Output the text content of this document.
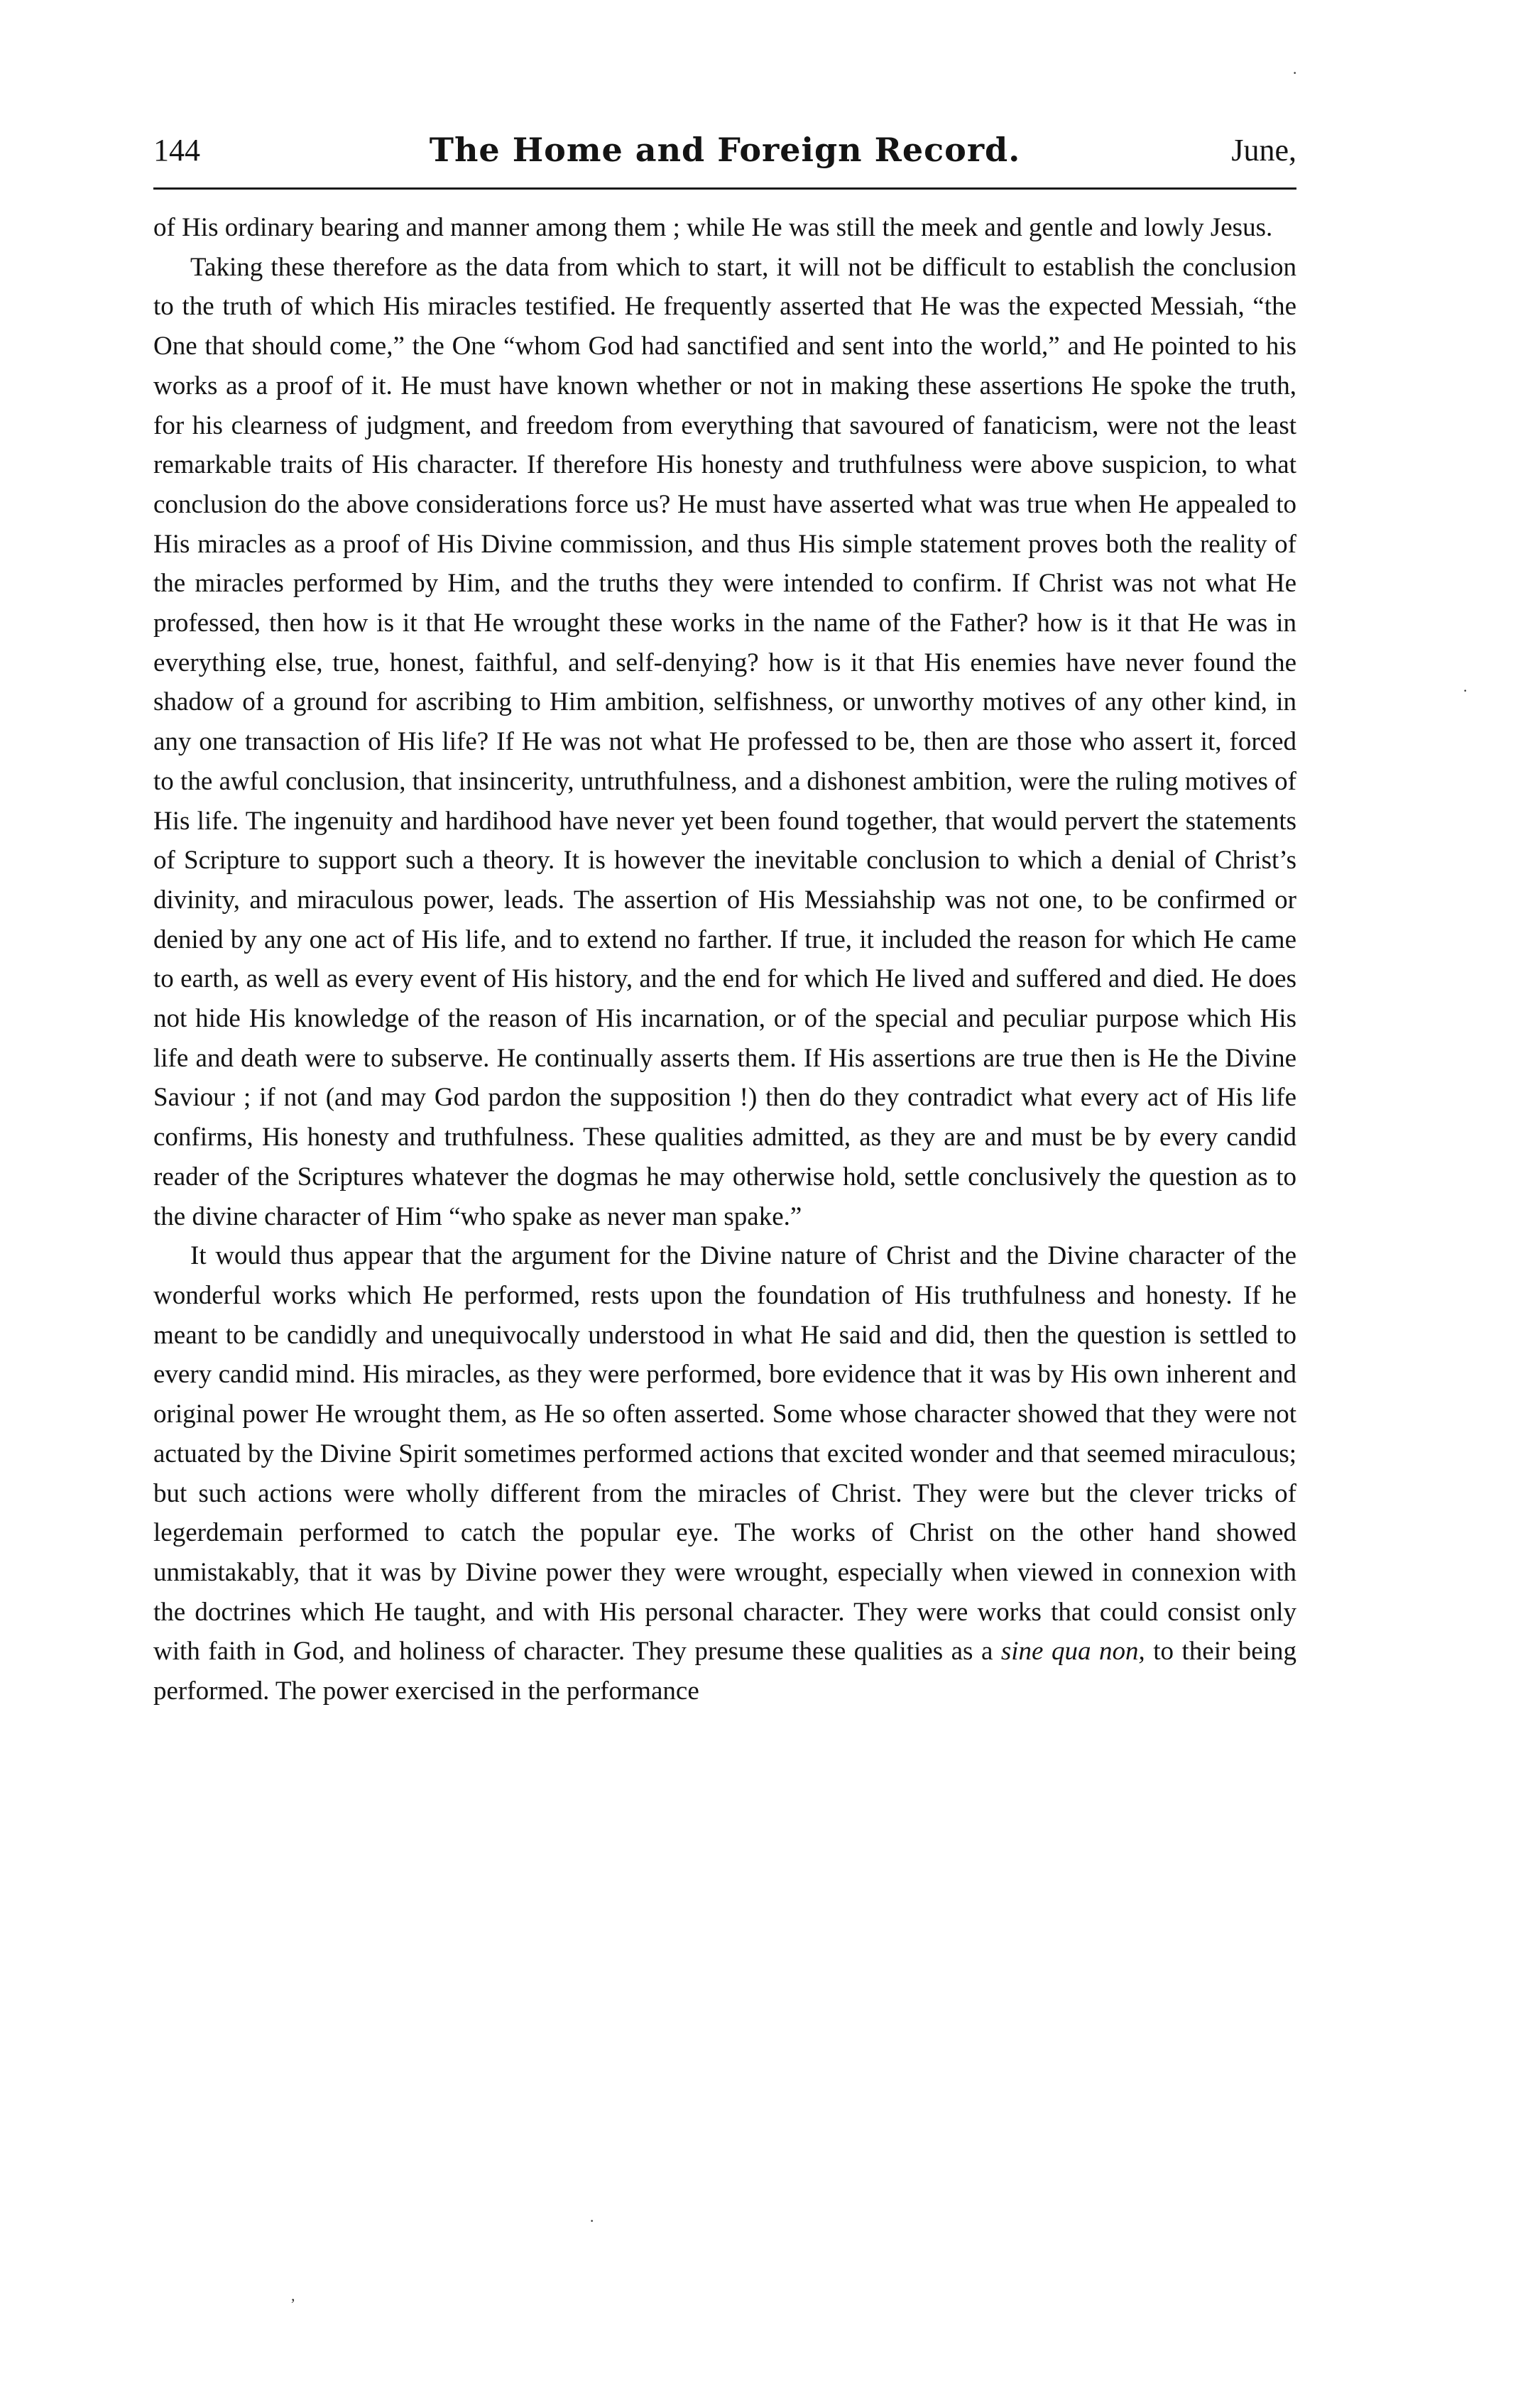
·
·
·
,
144	The Home and Foreign Record.	June,

of His ordinary bearing and manner among them ; while He was still the meek and gentle and lowly Jesus.

Taking these therefore as the data from which to start, it will not be difficult to establish the conclusion to the truth of which His miracles testified. He frequently asserted that He was the expected Messiah, “the One that should come,” the One “whom God had sanctified and sent into the world,” and He pointed to his works as a proof of it. He must have known whether or not in making these assertions He spoke the truth, for his clearness of judgment, and freedom from everything that savoured of fanaticism, were not the least remarkable traits of His character. If therefore His honesty and truthfulness were above suspicion, to what conclusion do the above considerations force us? He must have asserted what was true when He appealed to His miracles as a proof of His Divine commission, and thus His simple statement proves both the reality of the miracles performed by Him, and the truths they were intended to confirm. If Christ was not what He professed, then how is it that He wrought these works in the name of the Father? how is it that He was in everything else, true, honest, faithful, and self-denying? how is it that His enemies have never found the shadow of a ground for ascribing to Him ambition, selfishness, or unworthy motives of any other kind, in any one transaction of His life? If He was not what He professed to be, then are those who assert it, forced to the awful conclusion, that insincerity, untruthfulness, and a dishonest ambition, were the ruling motives of His life. The ingenuity and hardihood have never yet been found together, that would pervert the statements of Scripture to support such a theory. It is however the inevitable conclusion to which a denial of Christ’s divinity, and miraculous power, leads. The assertion of His Messiahship was not one, to be confirmed or denied by any one act of His life, and to extend no farther. If true, it included the reason for which He came to earth, as well as every event of His history, and the end for which He lived and suffered and died. He does not hide His knowledge of the reason of His incarnation, or of the special and peculiar purpose which His life and death were to subserve. He continually asserts them. If His assertions are true then is He the Divine Saviour ; if not (and may God pardon the supposition !) then do they contradict what every act of His life confirms, His honesty and truthfulness. These qualities admitted, as they are and must be by every candid reader of the Scriptures whatever the dogmas he may otherwise hold, settle conclusively the question as to the divine character of Him “who spake as never man spake.”

It would thus appear that the argument for the Divine nature of Christ and the Divine character of the wonderful works which He performed, rests upon the foundation of His truthfulness and honesty. If he meant to be candidly and unequivocally understood in what He said and did, then the question is settled to every candid mind. His miracles, as they were performed, bore evidence that it was by His own inherent and original power He wrought them, as He so often asserted. Some whose character showed that they were not actuated by the Divine Spirit sometimes performed actions that excited wonder and that seemed miraculous; but such actions were wholly different from the miracles of Christ. They were but the clever tricks of legerdemain performed to catch the popular eye. The works of Christ on the other hand showed unmistakably, that it was by Divine power they were wrought, especially when viewed in connexion with the doctrines which He taught, and with His personal character. They were works that could consist only with faith in God, and holiness of character. They presume these qualities as a sine qua non, to their being performed. The power exercised in the performance
